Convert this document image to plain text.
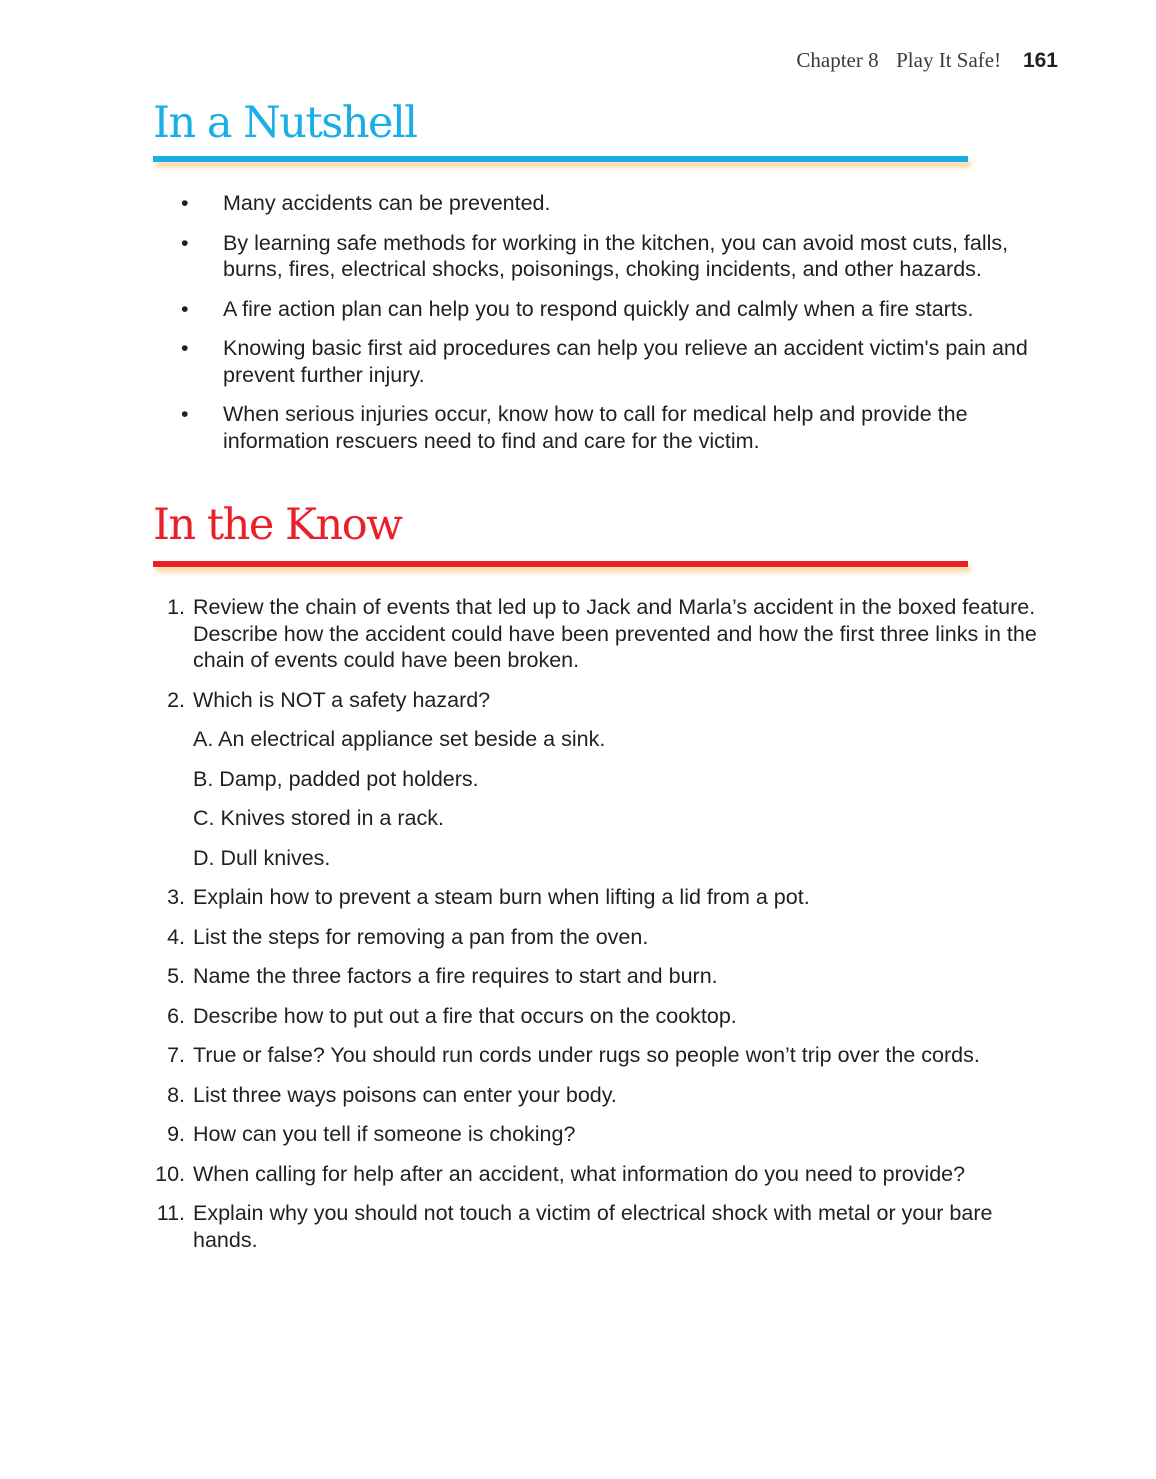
Chapter 8 Play It Safe! 161
In a Nutshell
• Many accidents can be prevented.
• By learning safe methods for working in the kitchen, you can avoid most cuts, falls, burns, fires, electrical shocks, poisonings, choking incidents, and other hazards.
• A fire action plan can help you to respond quickly and calmly when a fire starts.
• Knowing basic first aid procedures can help you relieve an accident victim's pain and prevent further injury.
• When serious injuries occur, know how to call for medical help and provide the information rescuers need to find and care for the victim.
In the Know
1. Review the chain of events that led up to Jack and Marla’s accident in the boxed feature. Describe how the accident could have been prevented and how the first three links in the chain of events could have been broken.
2. Which is NOT a safety hazard?
A. An electrical appliance set beside a sink.
B. Damp, padded pot holders.
C. Knives stored in a rack.
D. Dull knives.
3. Explain how to prevent a steam burn when lifting a lid from a pot.
4. List the steps for removing a pan from the oven.
5. Name the three factors a fire requires to start and burn.
6. Describe how to put out a fire that occurs on the cooktop.
7. True or false? You should run cords under rugs so people won’t trip over the cords.
8. List three ways poisons can enter your body.
9. How can you tell if someone is choking?
10. When calling for help after an accident, what information do you need to provide?
11. Explain why you should not touch a victim of electrical shock with metal or your bare hands.
